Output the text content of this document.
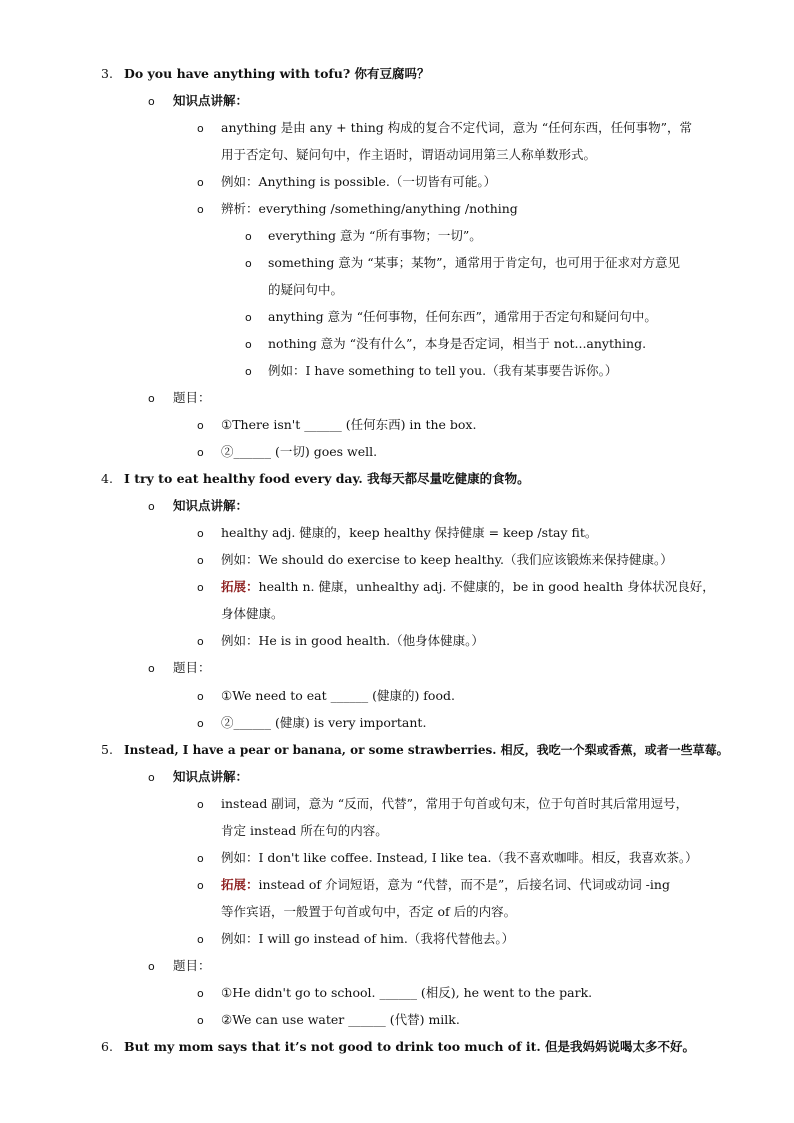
3. Do you have anything with tofu? 你有豆腐吗？
o 知识点讲解：
o anything 是由 any + thing 构成的复合不定代词，意为 “任何东西，任何事物”，常
用于否定句、疑问句中，作主语时，谓语动词用第三人称单数形式。
o 例如：Anything is possible.（一切皆有可能。）
o 辨析：everything /something/anything /nothing
o everything 意为 “所有事物；一切”。
o something 意为 “某事；某物”，通常用于肯定句，也可用于征求对方意见
的疑问句中。
o anything 意为 “任何事物，任何东西”，通常用于否定句和疑问句中。
o nothing 意为 “没有什么”，本身是否定词，相当于 not...anything.
o 例如：I have something to tell you.（我有某事要告诉你。）
o 题目：
o ①There isn't ______ (任何东西) in the box.
o ②______ (一切) goes well.
4. I try to eat healthy food every day. 我每天都尽量吃健康的食物。
o 知识点讲解：
o healthy adj. 健康的，keep healthy 保持健康 = keep /stay fit。
o 例如：We should do exercise to keep healthy.（我们应该锻炼来保持健康。）
o 拓展：health n. 健康，unhealthy adj. 不健康的，be in good health 身体状况良好，
身体健康。
o 例如：He is in good health.（他身体健康。）
o 题目：
o ①We need to eat ______ (健康的) food.
o ②______ (健康) is very important.
5. Instead, I have a pear or banana, or some strawberries. 相反，我吃一个梨或香蕉，或者一些草莓。
o 知识点讲解：
o instead 副词，意为 “反而，代替”，常用于句首或句末，位于句首时其后常用逗号，
肯定 instead 所在句的内容。
o 例如：I don't like coffee. Instead, I like tea.（我不喜欢咖啡。相反，我喜欢茶。）
o 拓展：instead of 介词短语，意为 “代替，而不是”，后接名词、代词或动词 -ing
等作宾语，一般置于句首或句中，否定 of 后的内容。
o 例如：I will go instead of him.（我将代替他去。）
o 题目：
o ①He didn't go to school. ______ (相反), he went to the park.
o ②We can use water ______ (代替) milk.
6. But my mom says that it’s not good to drink too much of it. 但是我妈妈说喝太多不好。
